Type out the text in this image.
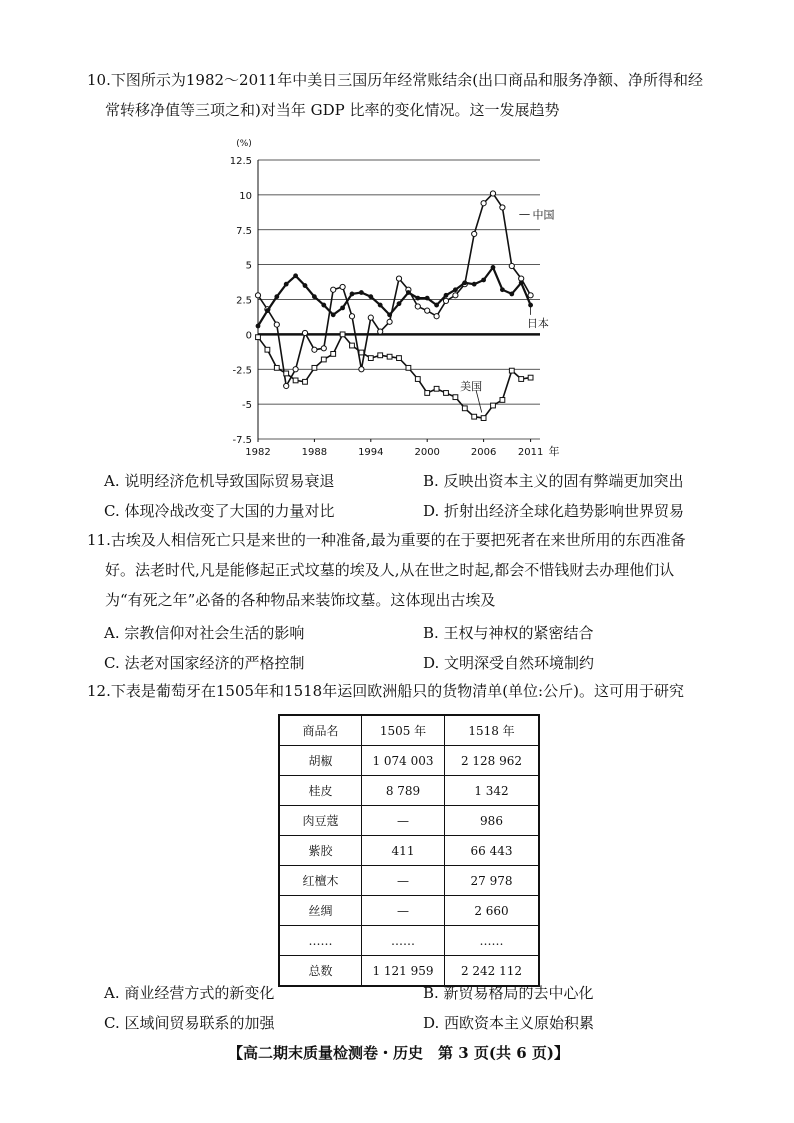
10.下图所示为1982～2011年中美日三国历年经常账结余(出口商品和服务净额、净所得和经
常转移净值等三项之和)对当年 GDP 比率的变化情况。这一发展趋势
12.5
10
7.5
5
2.5
0
-2.5
-5
-7.5
(%)
1982	1988	1994	2000	2006 2011 年
中国
日本
美国
A. 说明经济危机导致国际贸易衰退	B. 反映出资本主义的固有弊端更加突出
C. 体现冷战改变了大国的力量对比	D. 折射出经济全球化趋势影响世界贸易
11.古埃及人相信死亡只是来世的一种准备,最为重要的在于要把死者在来世所用的东西准备
好。法老时代,凡是能修起正式坟墓的埃及人,从在世之时起,都会不惜钱财去办理他们认
为“有死之年”必备的各种物品来装饰坟墓。这体现出古埃及
A. 宗教信仰对社会生活的影响	B. 王权与神权的紧密结合
C. 法老对国家经济的严格控制	D. 文明深受自然环境制约
12.下表是葡萄牙在1505年和1518年运回欧洲船只的货物清单(单位:公斤)。这可用于研究
商品名	1505 年	1518 年
胡椒	1 074 003	2 128 962
桂皮	8 789	1 342
肉豆蔻	—	986
紫胶	411	66 443
红檀木	—	27 978
丝绸	—	2 660
……	……	……
总数	1 121 959	2 242 112
A. 商业经营方式的新变化	B. 新贸易格局的去中心化
C. 区域间贸易联系的加强	D. 西欧资本主义原始积累
【高二期末质量检测卷・历史　第 3 页(共 6 页)】
